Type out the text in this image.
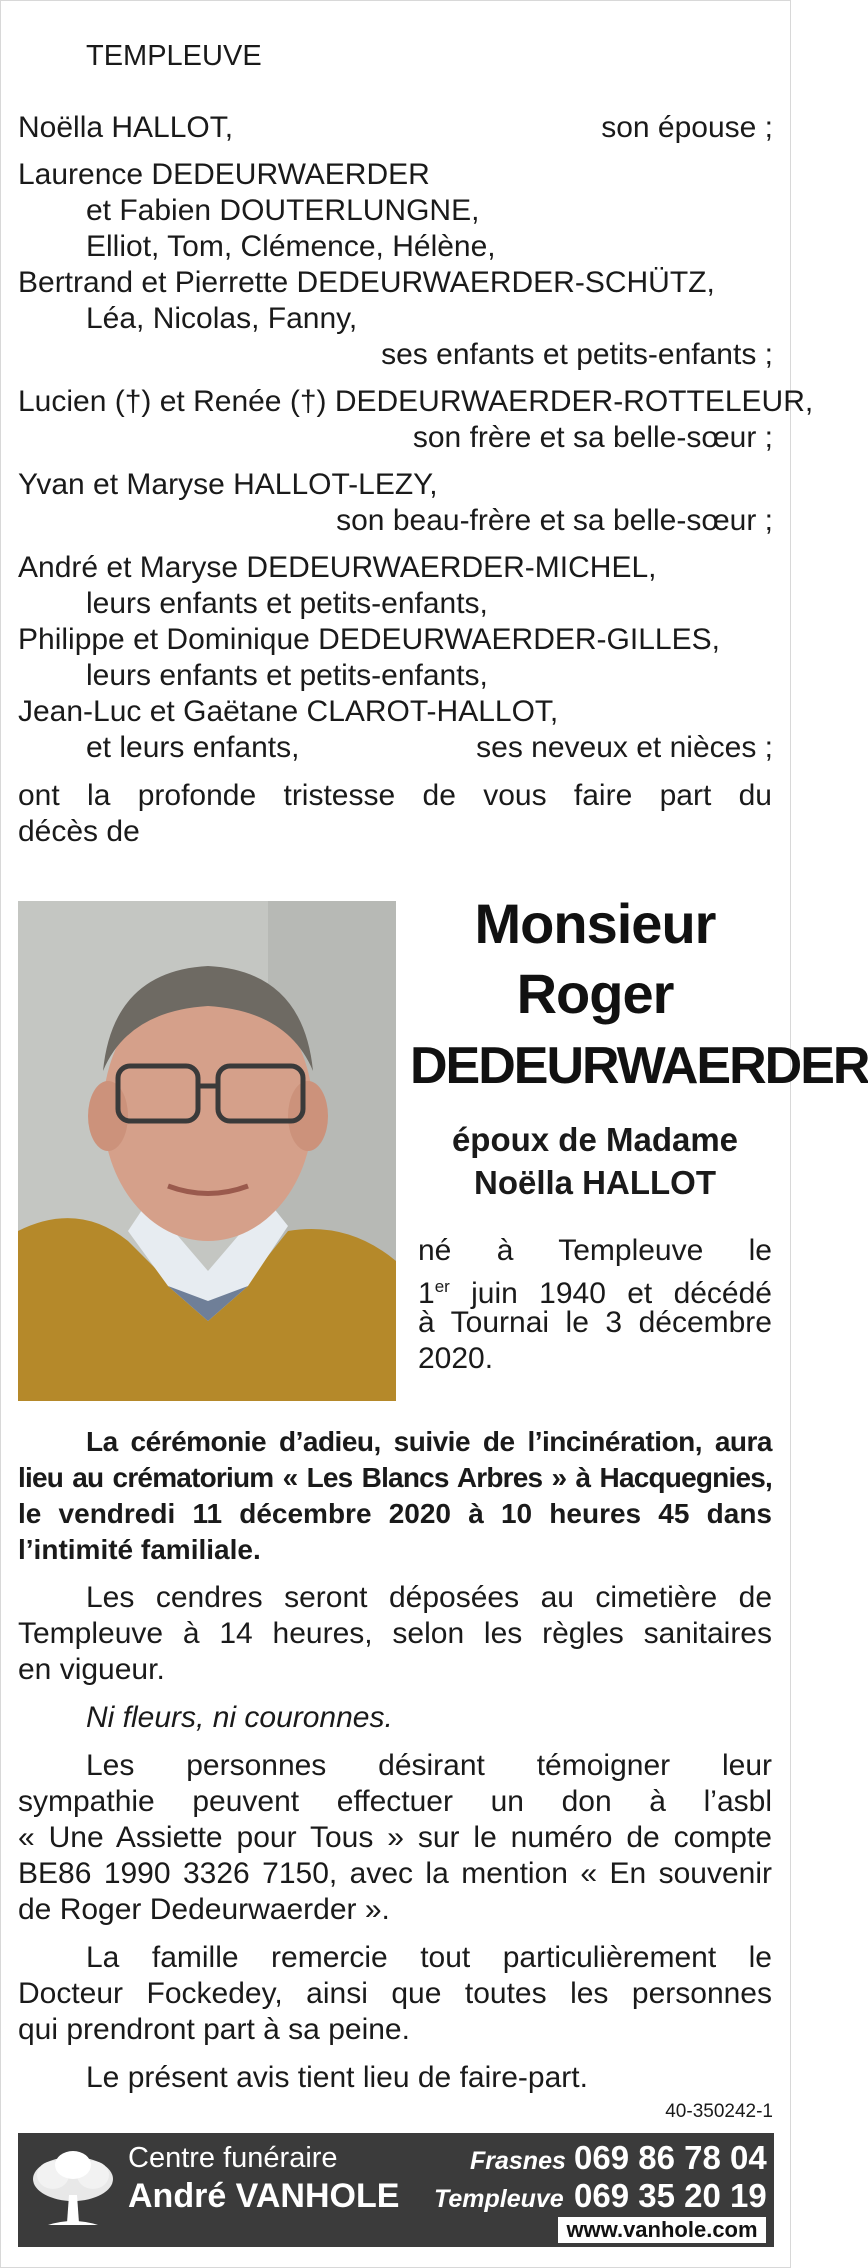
TEMPLEUVE
Noëlla HALLOT,	son épouse ;
Laurence DEDEURWAERDER
et Fabien DOUTERLUNGNE,
Elliot, Tom, Clémence, Hélène,
Bertrand et Pierrette DEDEURWAERDER-SCHÜTZ,
Léa, Nicolas, Fanny,
ses enfants et petits-enfants ;
Lucien (†) et Renée (†) DEDEURWAERDER-ROTTELEUR,
son frère et sa belle-sœur ;
Yvan et Maryse HALLOT-LEZY,
son beau-frère et sa belle-sœur ;
André et Maryse DEDEURWAERDER-MICHEL,
leurs enfants et petits-enfants,
Philippe et Dominique DEDEURWAERDER-GILLES,
leurs enfants et petits-enfants,
Jean-Luc et Gaëtane CLAROT-HALLOT,
et leurs enfants,	ses neveux et nièces ;
ont la profonde tristesse de vous faire part du
décès de
Monsieur
Roger
DEDEURWAERDER
époux de Madame
Noëlla HALLOT
né à Templeuve le
1er juin 1940 et décédé
à Tournai le 3 décembre
2020.
La cérémonie d’adieu, suivie de l’incinération, aura
lieu au crématorium « Les Blancs Arbres » à Hacquegnies,
le vendredi 11 décembre 2020 à 10 heures 45 dans
l’intimité familiale.
Les cendres seront déposées au cimetière de
Templeuve à 14 heures, selon les règles sanitaires
en vigueur.
Ni fleurs, ni couronnes.
Les personnes désirant témoigner leur
sympathie peuvent effectuer un don à l’asbl
« Une Assiette pour Tous » sur le numéro de compte
BE86 1990 3326 7150, avec la mention « En souvenir
de Roger Dedeurwaerder ».
La famille remercie tout particulièrement le
Docteur Fockedey, ainsi que toutes les personnes
qui prendront part à sa peine.
Le présent avis tient lieu de faire-part.
40-350242-1
Centre funéraire
André VANHOLE
Frasnes 069 86 78 04
Templeuve 069 35 20 19
www.vanhole.com
